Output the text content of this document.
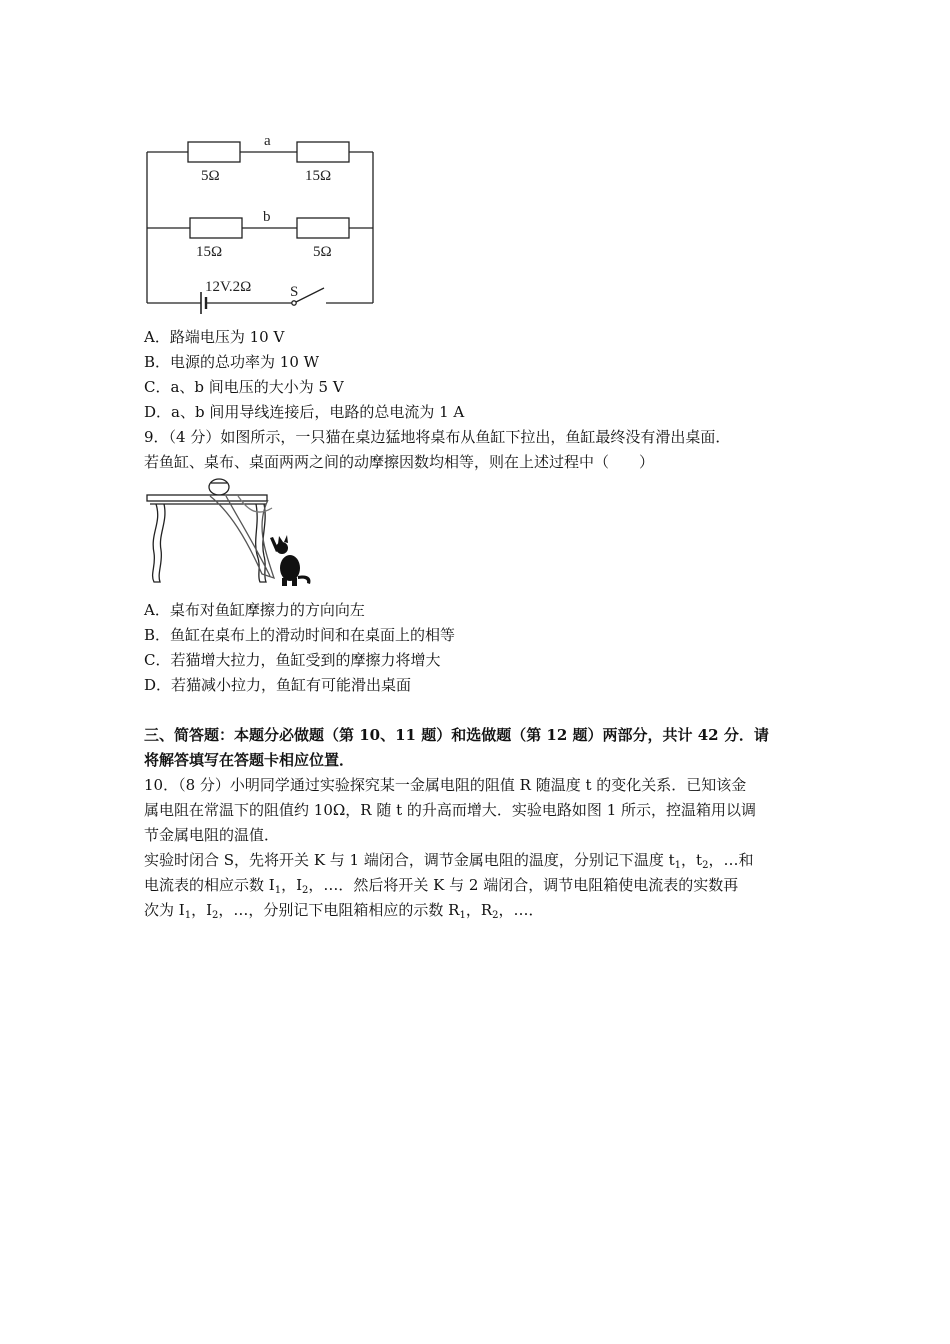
a
b
5Ω	15Ω
15Ω	5Ω
12V.2Ω	S
A．路端电压为 10 V
B．电源的总功率为 10 W
C．a、b 间电压的大小为 5 V
D．a、b 间用导线连接后，电路的总电流为 1 A
9．（4 分）如图所示，一只猫在桌边猛地将桌布从鱼缸下拉出，鱼缸最终没有滑出桌面．
若鱼缸、桌布、桌面两两之间的动摩擦因数均相等，则在上述过程中（　　）

A．桌布对鱼缸摩擦力的方向向左
B．鱼缸在桌布上的滑动时间和在桌面上的相等
C．若猫增大拉力，鱼缸受到的摩擦力将增大
D．若猫减小拉力，鱼缸有可能滑出桌面
三、简答题：本题分必做题（第 10、11 题）和选做题（第 12 题）两部分，共计 42 分．请
将解答填写在答题卡相应位置．
10．（8 分）小明同学通过实验探究某一金属电阻的阻值 R 随温度 t 的变化关系．已知该金
属电阻在常温下的阻值约 10Ω，R 随 t 的升高而增大．实验电路如图 1 所示，控温箱用以调
节金属电阻的温值．
实验时闭合 S，先将开关 K 与 1 端闭合，调节金属电阻的温度，分别记下温度 $t_1$，$t_2$，…和
电流表的相应示数 $I_1$，$I_2$，…．然后将开关 K 与 2 端闭合，调节电阻箱使电流表的实数再
次为 $I_1$，$I_2$，…，分别记下电阻箱相应的示数 $R_1$，$R_2$，…．
